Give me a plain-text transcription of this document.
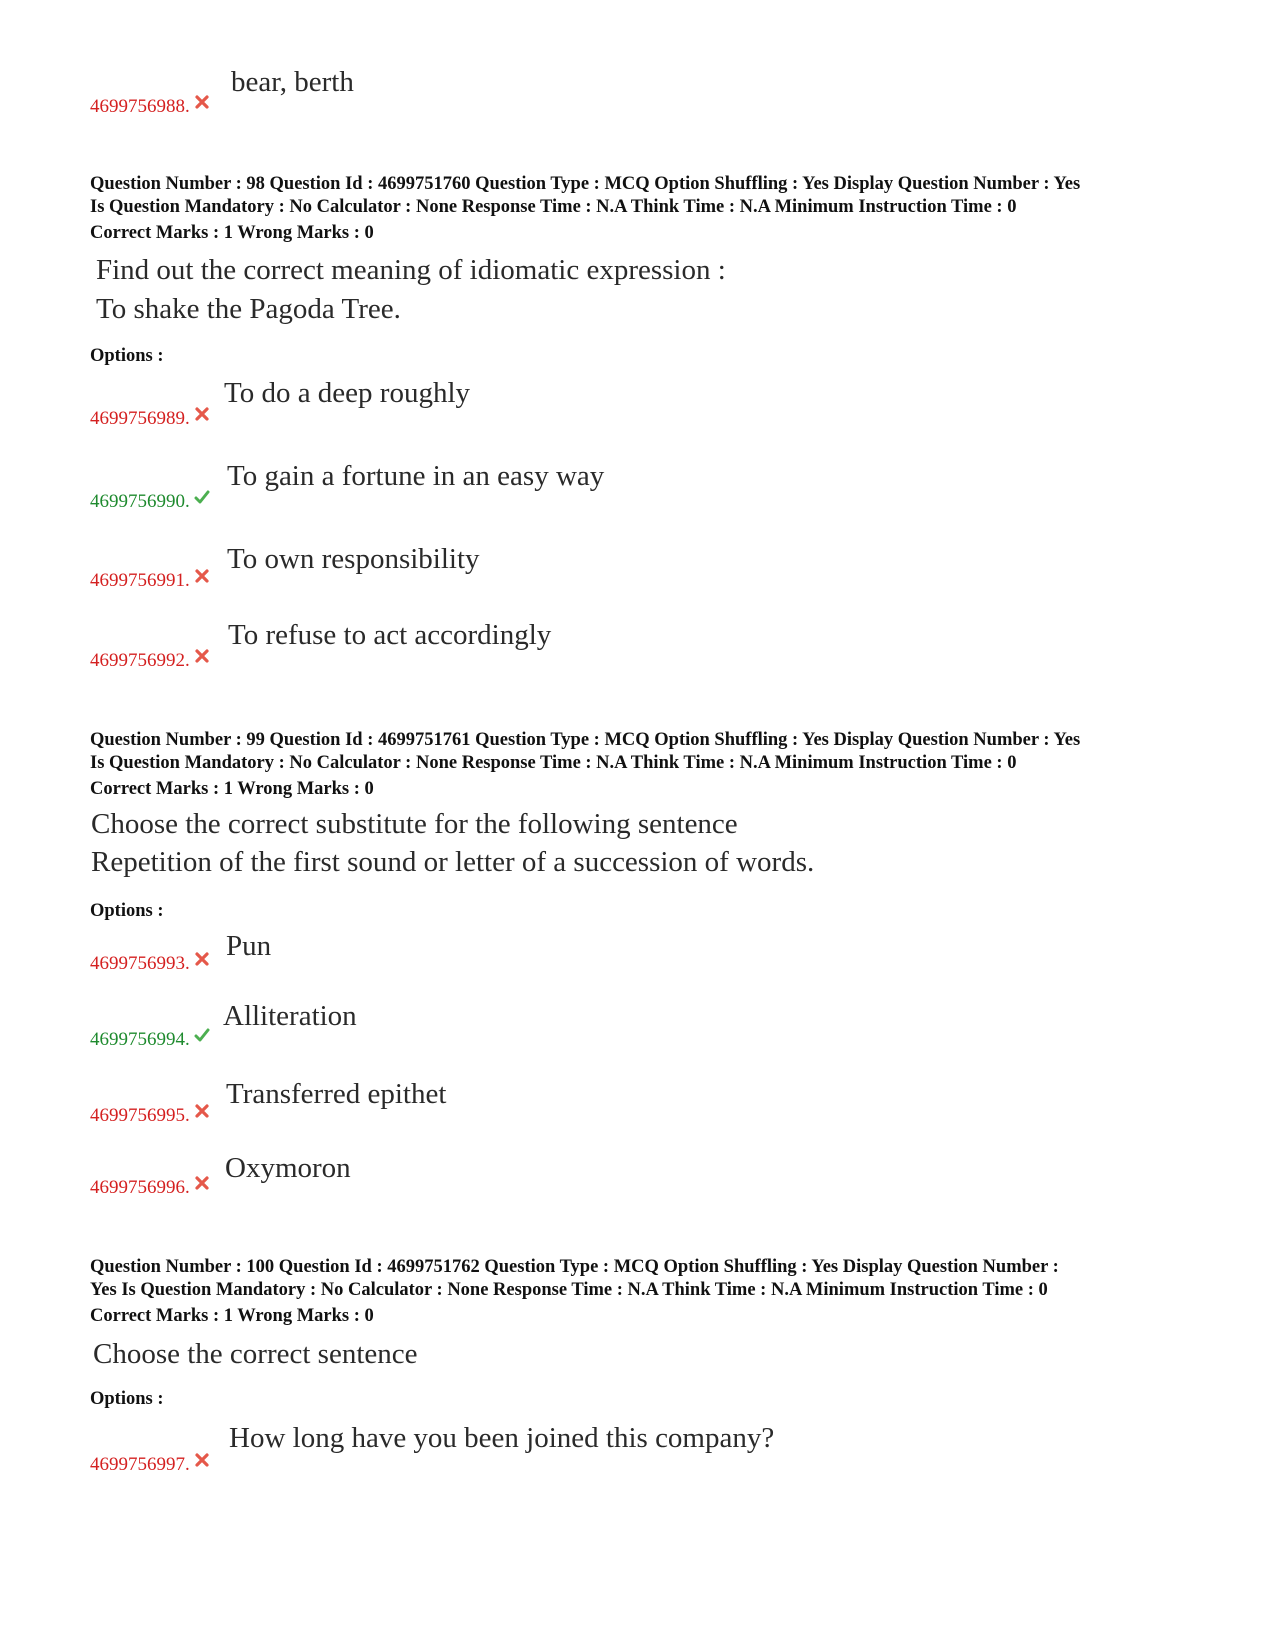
4699756988.
bear, berth
Question Number : 98 Question Id : 4699751760 Question Type : MCQ Option Shuffling : Yes Display Question Number : Yes
Is Question Mandatory : No Calculator : None Response Time : N.A Think Time : N.A Minimum Instruction Time : 0
Correct Marks : 1 Wrong Marks : 0
Find out the correct meaning of idiomatic expression :
To shake the Pagoda Tree.
Options :
4699756989.
To do a deep roughly
4699756990.
To gain a fortune in an easy way
4699756991.
To own responsibility
4699756992.
To refuse to act accordingly
Question Number : 99 Question Id : 4699751761 Question Type : MCQ Option Shuffling : Yes Display Question Number : Yes
Is Question Mandatory : No Calculator : None Response Time : N.A Think Time : N.A Minimum Instruction Time : 0
Correct Marks : 1 Wrong Marks : 0
Choose the correct substitute for the following sentence
Repetition of the first sound or letter of a succession of words.
Options :
4699756993.
Pun
4699756994.
Alliteration
4699756995.
Transferred epithet
4699756996.
Oxymoron
Question Number : 100 Question Id : 4699751762 Question Type : MCQ Option Shuffling : Yes Display Question Number :
Yes Is Question Mandatory : No Calculator : None Response Time : N.A Think Time : N.A Minimum Instruction Time : 0
Correct Marks : 1 Wrong Marks : 0
Choose the correct sentence
Options :
4699756997.
How long have you been joined this company?
